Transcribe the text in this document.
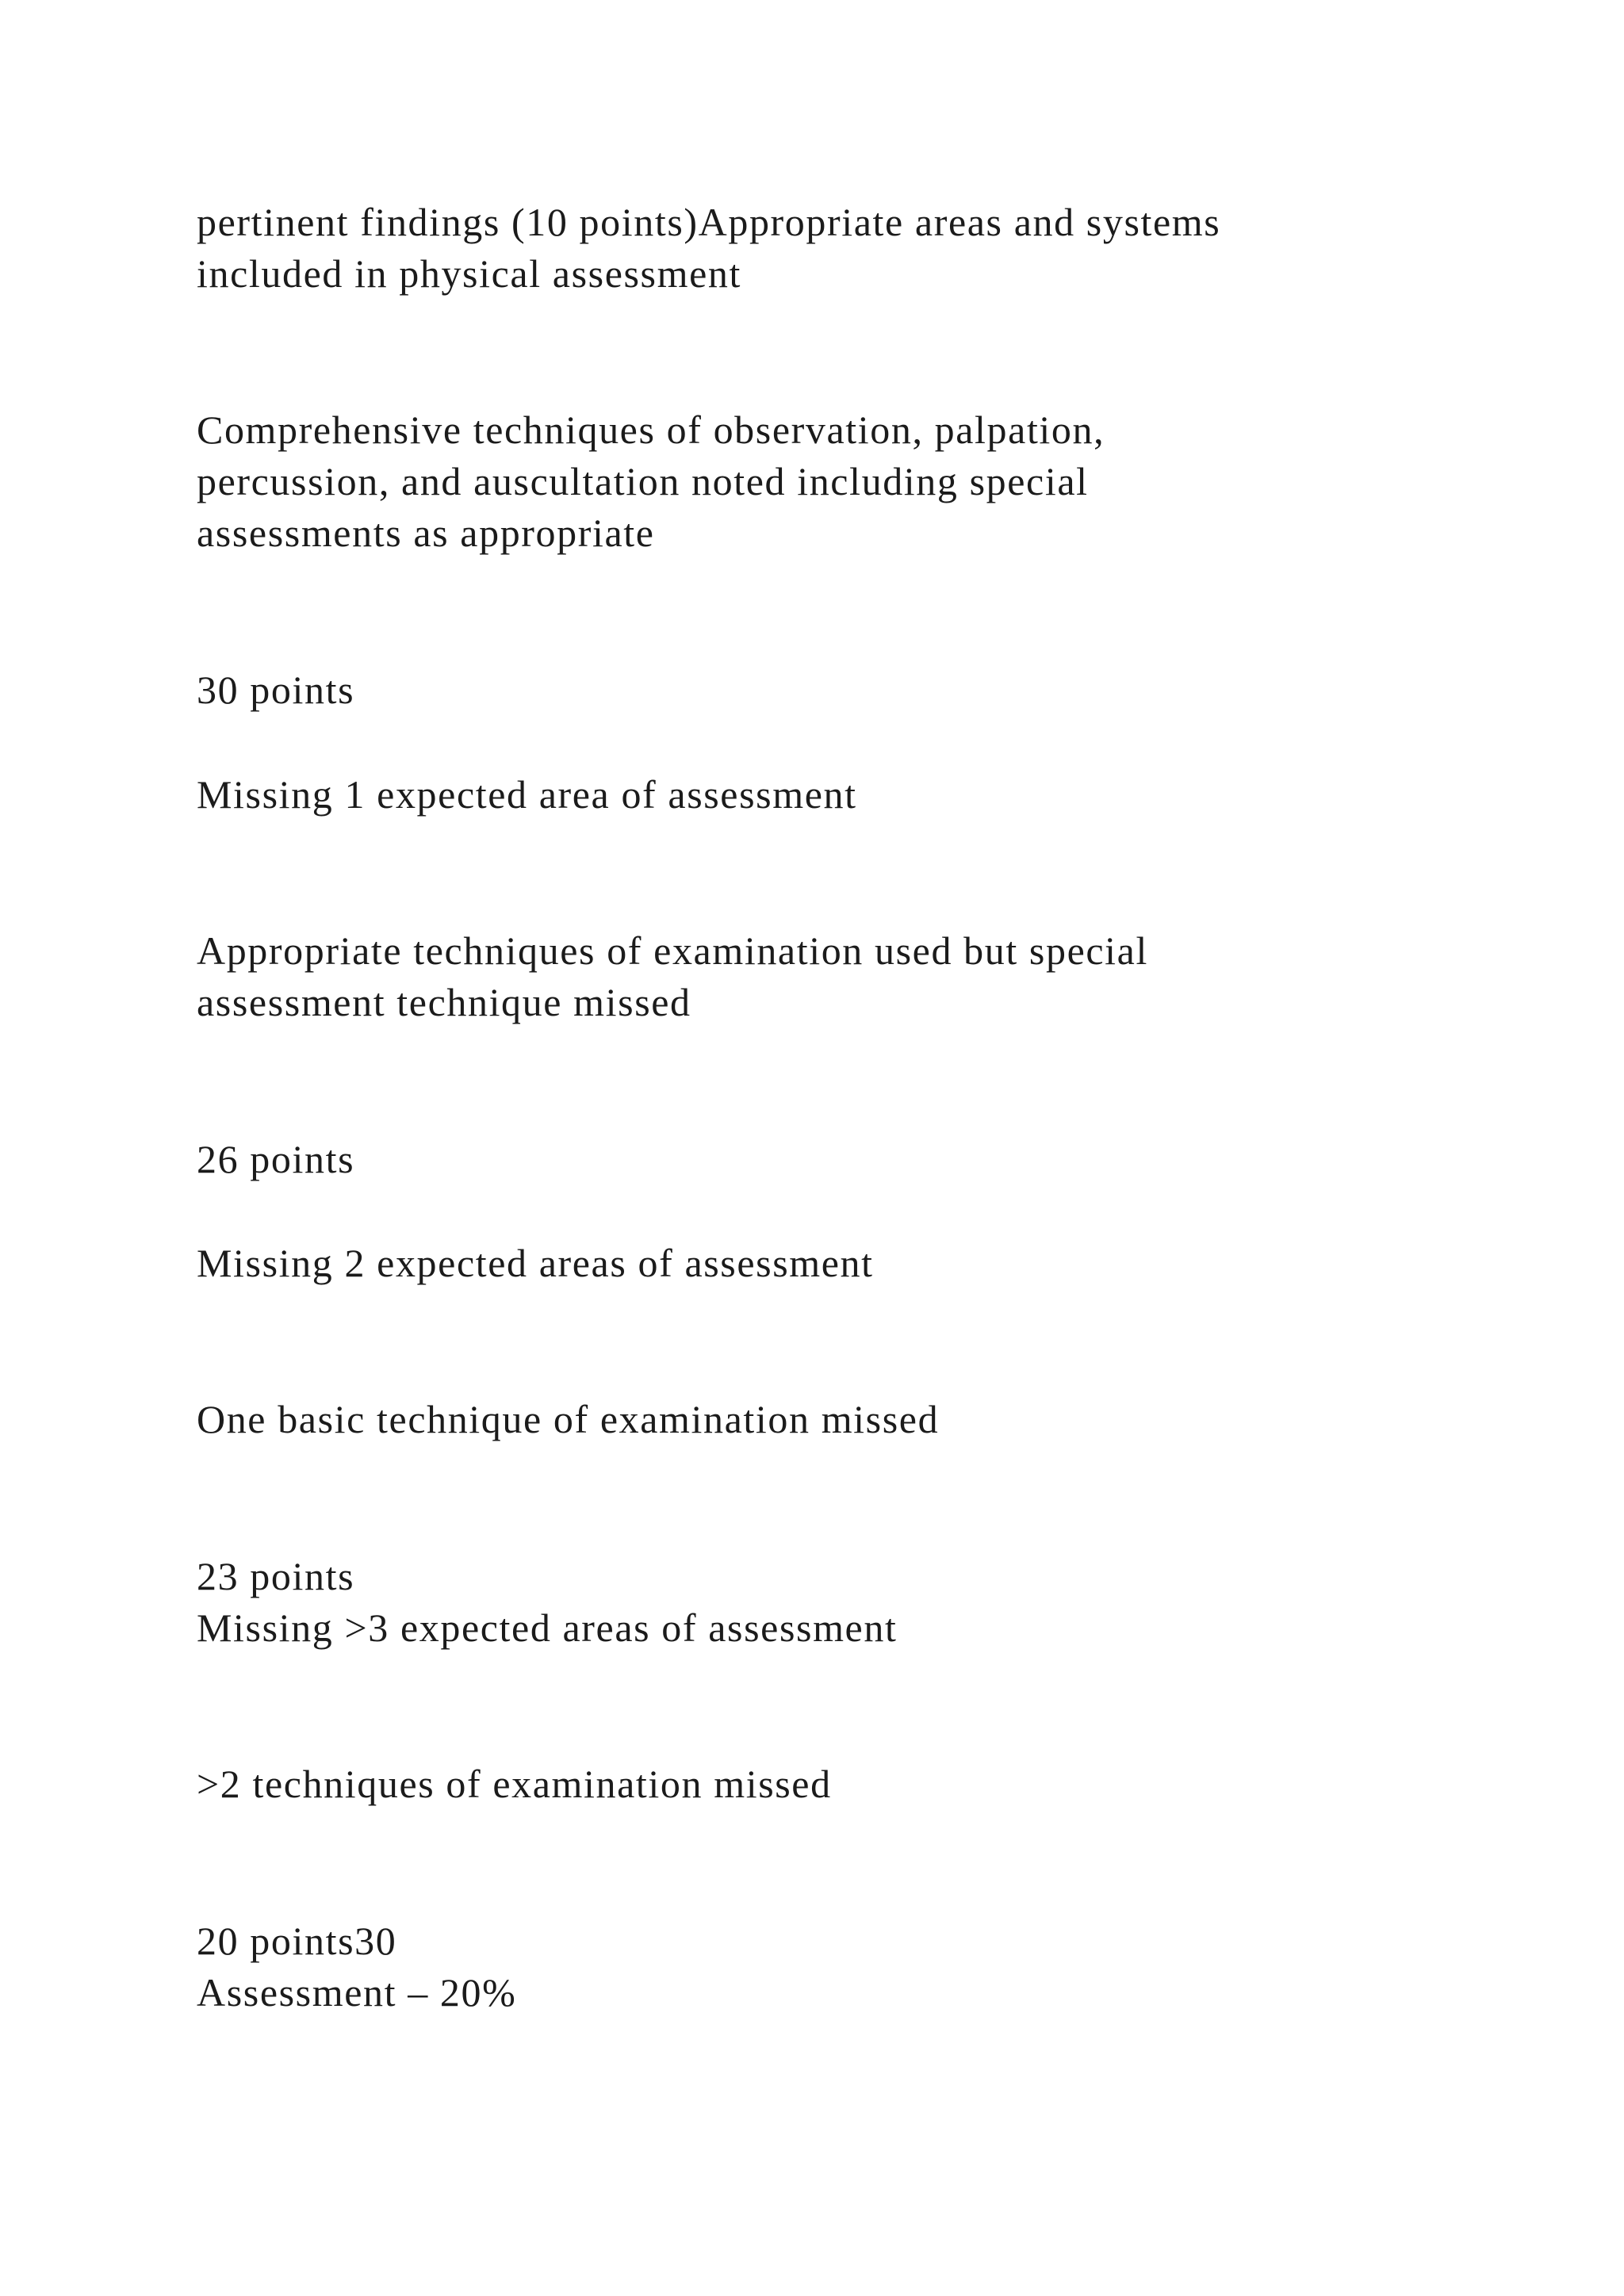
pertinent findings (10 points)Appropriate areas and systems
included in physical assessment
Comprehensive techniques of observation, palpation,
percussion, and auscultation noted including special
assessments as appropriate
30 points
Missing 1 expected area of assessment
Appropriate techniques of examination used but special
assessment technique missed
26 points
Missing 2 expected areas of assessment
One basic technique of examination missed
23 points
Missing >3 expected areas of assessment
>2 techniques of examination missed
20 points30
Assessment – 20%
